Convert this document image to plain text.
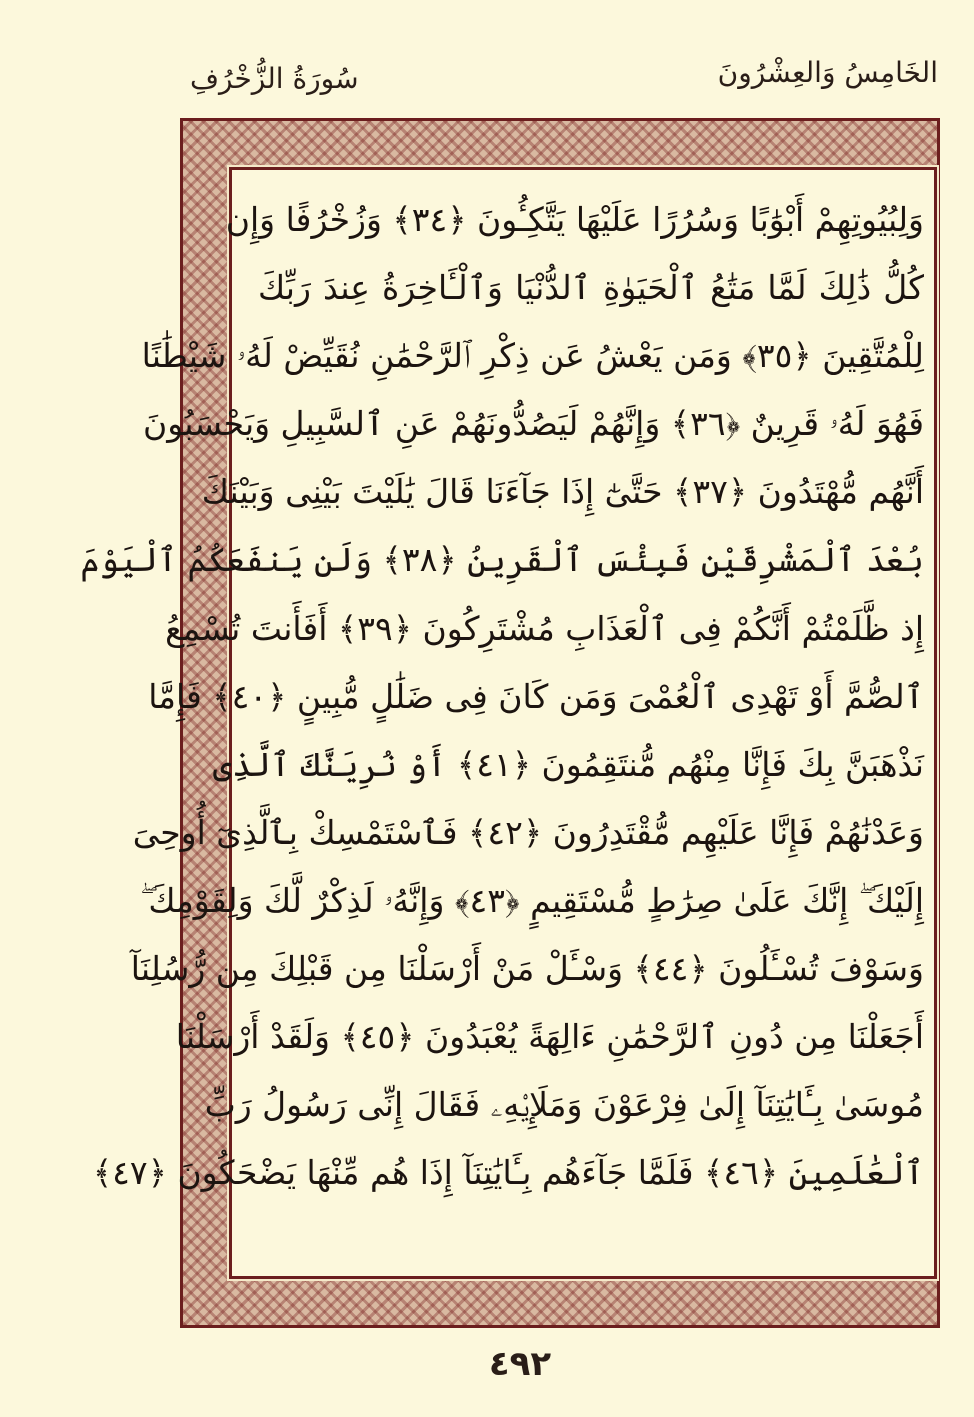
سُورَةُ الزُّخْرُفِ	الخَامِسُ وَالعِشْرُونَ
وَلِبُيُوتِهِمْ أَبْوَٰبًا وَسُرُرًا عَلَيْهَا يَتَّكِـُٔونَ ﴿٣٤﴾ وَزُخْرُفًا وَإِن
كُلُّ ذَٰلِكَ لَمَّا مَتَٰعُ ٱلْحَيَوٰةِ ٱلدُّنْيَا وَٱلْـَٔاخِرَةُ عِندَ رَبِّكَ
لِلْمُتَّقِينَ ﴿٣٥﴾ وَمَن يَعْشُ عَن ذِكْرِ ٱلرَّحْمَٰنِ نُقَيِّضْ لَهُۥ شَيْطَٰنًا
فَهُوَ لَهُۥ قَرِينٌ ﴿٣٦﴾ وَإِنَّهُمْ لَيَصُدُّونَهُمْ عَنِ ٱلسَّبِيلِ وَيَحْسَبُونَ
أَنَّهُم مُّهْتَدُونَ ﴿٣٧﴾ حَتَّىٰٓ إِذَا جَآءَنَا قَالَ يَٰلَيْتَ بَيْنِى وَبَيْنَكَ
بُعْدَ ٱلْمَشْرِقَيْنِ فَبِئْسَ ٱلْقَرِينُ ﴿٣٨﴾ وَلَن يَنفَعَكُمُ ٱلْيَوْمَ
إِذ ظَّلَمْتُمْ أَنَّكُمْ فِى ٱلْعَذَابِ مُشْتَرِكُونَ ﴿٣٩﴾ أَفَأَنتَ تُسْمِعُ
ٱلصُّمَّ أَوْ تَهْدِى ٱلْعُمْىَ وَمَن كَانَ فِى ضَلَٰلٍ مُّبِينٍ ﴿٤٠﴾ فَإِمَّا
نَذْهَبَنَّ بِكَ فَإِنَّا مِنْهُم مُّنتَقِمُونَ ﴿٤١﴾ أَوْ نُرِيَنَّكَ ٱلَّذِى
وَعَدْنَٰهُمْ فَإِنَّا عَلَيْهِم مُّقْتَدِرُونَ ﴿٤٢﴾ فَٱسْتَمْسِكْ بِٱلَّذِىٓ أُوحِىَ
إِلَيْكَ ۖ إِنَّكَ عَلَىٰ صِرَٰطٍ مُّسْتَقِيمٍ ﴿٤٣﴾ وَإِنَّهُۥ لَذِكْرٌ لَّكَ وَلِقَوْمِكَ ۖ
وَسَوْفَ تُسْـَٔلُونَ ﴿٤٤﴾ وَسْـَٔلْ مَنْ أَرْسَلْنَا مِن قَبْلِكَ مِن رُّسُلِنَآ
أَجَعَلْنَا مِن دُونِ ٱلرَّحْمَٰنِ ءَالِهَةً يُعْبَدُونَ ﴿٤٥﴾ وَلَقَدْ أَرْسَلْنَا
مُوسَىٰ بِـَٔايَٰتِنَآ إِلَىٰ فِرْعَوْنَ وَمَلَإِي۟هِۦ فَقَالَ إِنِّى رَسُولُ رَبِّ
ٱلْعَٰلَمِينَ ﴿٤٦﴾ فَلَمَّا جَآءَهُم بِـَٔايَٰتِنَآ إِذَا هُم مِّنْهَا يَضْحَكُونَ ﴿٤٧﴾
٤٩٢
